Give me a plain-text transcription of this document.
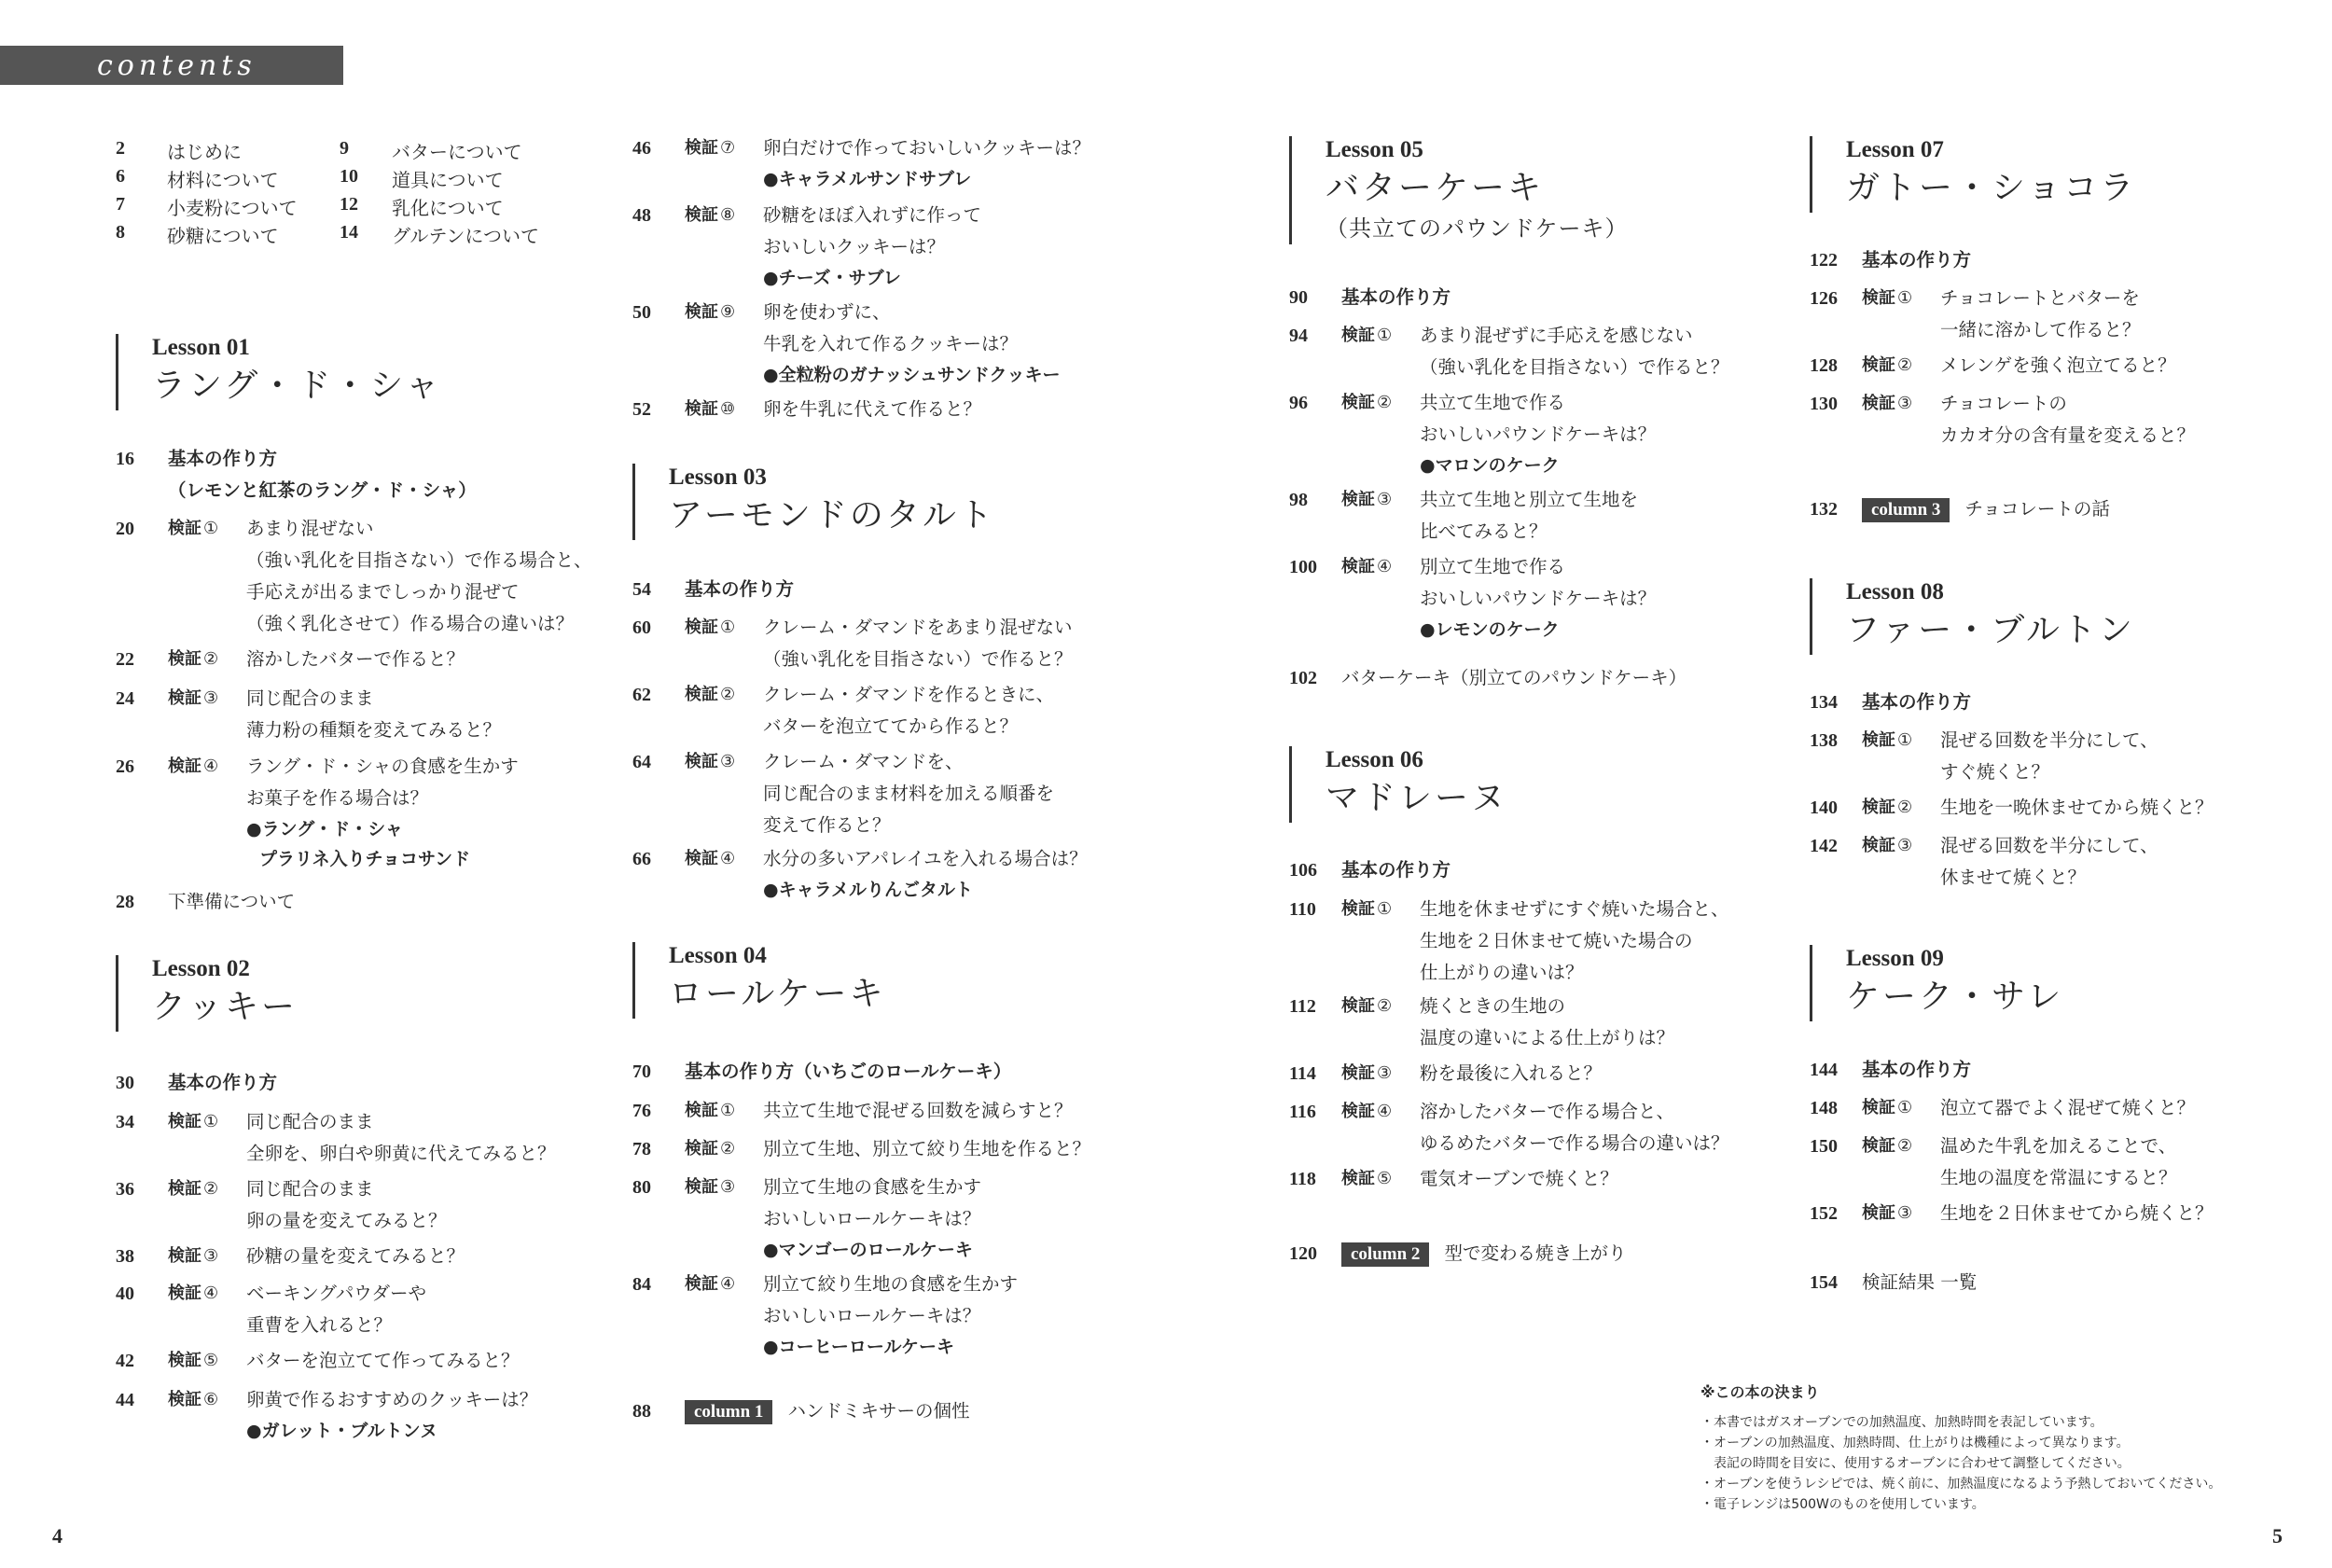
contents
2 はじめに	9 バターについて
6 材料について	10 道具について
7 小麦粉について 12 乳化について
8 砂糖について	14 グルテンについて
Lesson 01
ラング・ド・シャ
16 基本の作り方
（レモンと紅茶のラング・ド・シャ）
20 検証 ① あまり混ぜない
（強い乳化を目指さない）で作る場合と、
手応えが出るまでしっかり混ぜて
（強く乳化させて）作る場合の違いは？
22 検証 ② 溶かしたバターで作ると？
24 検証 ③ 同じ配合のまま
薄力粉の種類を変えてみると？
26 検証 ④ ラング・ド・シャの食感を生かす
お菓子を作る場合は？
●ラング・ド・シャ
プラリネ入りチョコサンド
28 下準備について
Lesson 02
クッキー
30 基本の作り方
34 検証 ① 同じ配合のまま
全卵を、卵白や卵黄に代えてみると？
36 検証 ② 同じ配合のまま
卵の量を変えてみると？
38 検証 ③ 砂糖の量を変えてみると？
40 検証 ④ ベーキングパウダーや
重曹を入れると？
42 検証 ⑤ バターを泡立てて作ってみると？
44 検証 ⑥ 卵黄で作るおすすめのクッキーは？
●ガレット・ブルトンヌ
46 検証 ⑦ 卵白だけで作っておいしいクッキーは？
●キャラメルサンドサブレ
48 検証 ⑧ 砂糖をほぼ入れずに作って
おいしいクッキーは？
●チーズ・サブレ
50 検証 ⑨ 卵を使わずに、
牛乳を入れて作るクッキーは？
●全粒粉のガナッシュサンドクッキー
52 検証 ⑩ 卵を牛乳に代えて作ると？
Lesson 03
アーモンドのタルト
54 基本の作り方
60 検証 ① クレーム・ダマンドをあまり混ぜない
（強い乳化を目指さない）で作ると？
62 検証 ② クレーム・ダマンドを作るときに、
バターを泡立ててから作ると？
64 検証 ③ クレーム・ダマンドを、
同じ配合のまま材料を加える順番を
変えて作ると？
66 検証 ④ 水分の多いアパレイユを入れる場合は？
●キャラメルりんごタルト
Lesson 04
ロールケーキ
70 基本の作り方（いちごのロールケーキ）
76 検証 ① 共立て生地で混ぜる回数を減らすと？
78 検証 ② 別立て生地、別立て絞り生地を作ると？
80 検証 ③ 別立て生地の食感を生かす
おいしいロールケーキは？
●マンゴーのロールケーキ
84 検証 ④ 別立て絞り生地の食感を生かす
おいしいロールケーキは？
●コーヒーロールケーキ
88	column 1 ハンドミキサーの個性
Lesson 05
バターケーキ
（共立てのパウンドケーキ）
90 基本の作り方
94 検証 ① あまり混ぜずに手応えを感じない
（強い乳化を目指さない）で作ると？
96 検証 ② 共立て生地で作る
おいしいパウンドケーキは？
●マロンのケーク
98 検証 ③ 共立て生地と別立て生地を
比べてみると？
100 検証 ④ 別立て生地で作る
おいしいパウンドケーキは？
●レモンのケーク
102 バターケーキ（別立てのパウンドケーキ）
Lesson 06
マドレーヌ
106 基本の作り方
110 検証 ① 生地を休ませずにすぐ焼いた場合と、
生地を２日休ませて焼いた場合の
仕上がりの違いは？
112 検証 ② 焼くときの生地の
温度の違いによる仕上がりは？
114 検証 ③ 粉を最後に入れると？
116 検証 ④ 溶かしたバターで作る場合と、
ゆるめたバターで作る場合の違いは？
118 検証 ⑤ 電気オーブンで焼くと？
120	column 2 型で変わる焼き上がり
Lesson 07
ガトー・ショコラ
122 基本の作り方
126 検証 ① チョコレートとバターを
一緒に溶かして作ると？
128 検証 ② メレンゲを強く泡立てると？
130 検証 ③ チョコレートの
カカオ分の含有量を変えると？
132	column 3 チョコレートの話
Lesson 08
ファー・ブルトン
134 基本の作り方
138 検証 ① 混ぜる回数を半分にして、
すぐ焼くと？
140 検証 ② 生地を一晩休ませてから焼くと？
142 検証 ③ 混ぜる回数を半分にして、
休ませて焼くと？
Lesson 09
ケーク・サレ
144 基本の作り方
148 検証 ① 泡立て器でよく混ぜて焼くと？
150 検証 ② 温めた牛乳を加えることで、
生地の温度を常温にすると？
152 検証 ③ 生地を２日休ませてから焼くと？
154 検証結果 一覧
※この本の決まり
・本書ではガスオーブンでの加熱温度、加熱時間を表記しています。
・オーブンの加熱温度、加熱時間、仕上がりは機種によって異なります。
　表記の時間を目安に、使用するオーブンに合わせて調整してください。
・オーブンを使うレシピでは、焼く前に、加熱温度になるよう予熱しておいてください。
・電子レンジは500Wのものを使用しています。
4	5
